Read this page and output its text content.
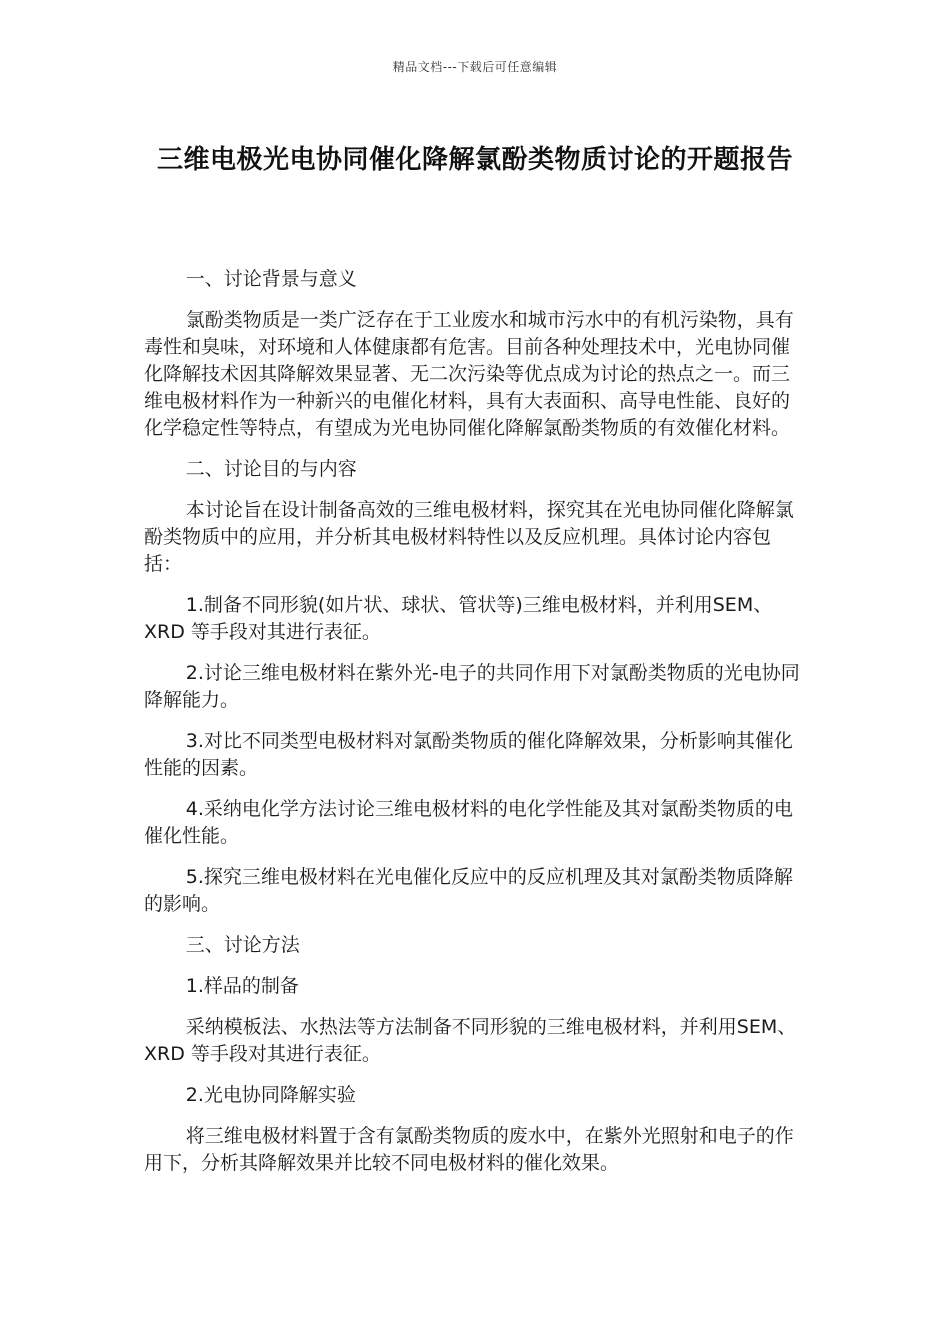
精品文档---下载后可任意编辑
三维电极光电协同催化降解氯酚类物质讨论的开题报告

一、讨论背景与意义

氯酚类物质是一类广泛存在于工业废水和城市污水中的有机污染物，具有毒性和臭味，对环境和人体健康都有危害。目前各种处理技术中，光电协同催化降解技术因其降解效果显著、无二次污染等优点成为讨论的热点之一。而三维电极材料作为一种新兴的电催化材料，具有大表面积、高导电性能、良好的化学稳定性等特点，有望成为光电协同催化降解氯酚类物质的有效催化材料。

二、讨论目的与内容

本讨论旨在设计制备高效的三维电极材料，探究其在光电协同催化降解氯酚类物质中的应用，并分析其电极材料特性以及反应机理。具体讨论内容包括：

1.制备不同形貌(如片状、球状、管状等)三维电极材料，并利用SEM、XRD 等手段对其进行表征。

2.讨论三维电极材料在紫外光-电子的共同作用下对氯酚类物质的光电协同降解能力。

3.对比不同类型电极材料对氯酚类物质的催化降解效果，分析影响其催化性能的因素。

4.采纳电化学方法讨论三维电极材料的电化学性能及其对氯酚类物质的电催化性能。

5.探究三维电极材料在光电催化反应中的反应机理及其对氯酚类物质降解的影响。

三、讨论方法

1.样品的制备

采纳模板法、水热法等方法制备不同形貌的三维电极材料，并利用SEM、XRD 等手段对其进行表征。

2.光电协同降解实验

将三维电极材料置于含有氯酚类物质的废水中，在紫外光照射和电子的作用下，分析其降解效果并比较不同电极材料的催化效果。
